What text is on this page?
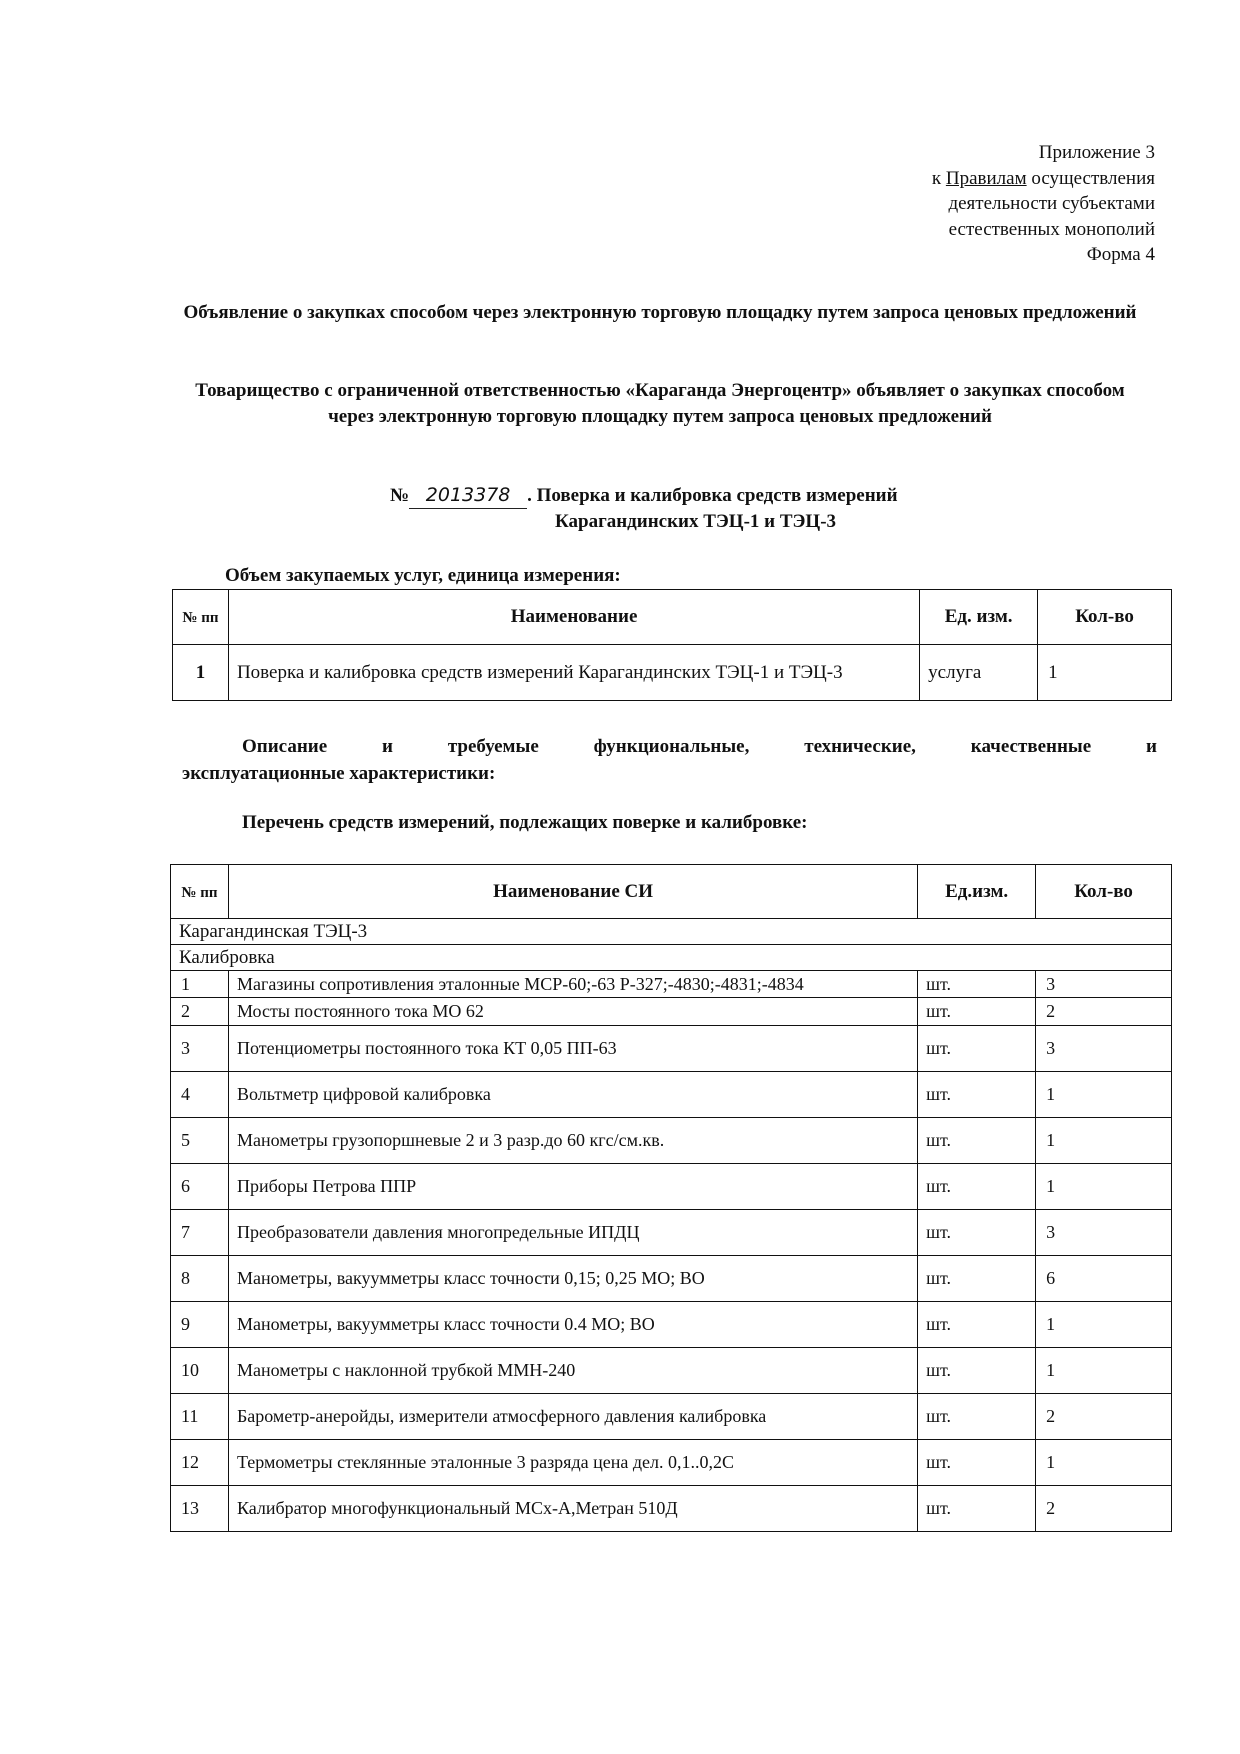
Приложение 3
к Правилам осуществления
деятельности субъектами
естественных монополий
Форма 4
Объявление о закупках способом через электронную торговую площадку путем запроса ценовых предложений
Товарищество с ограниченной ответственностью «Караганда Энергоцентр» объявляет о закупках способом через электронную торговую площадку путем запроса ценовых предложений
№ 2013378 . Поверка и калибровка средств измерений
Карагандинских ТЭЦ-1 и ТЭЦ-3
Объем закупаемых услуг, единица измерения:
№ пп	Наименование	Ед. изм.	Кол-во
1	Поверка и калибровка средств измерений Карагандинских ТЭЦ-1 и ТЭЦ-3	услуга	1
Описание и требуемые функциональные, технические, качественные и
эксплуатационные характеристики:
Перечень средств измерений, подлежащих поверке и калибровке:
№ пп	Наименование СИ	Ед.изм.	Кол-во
Карагандинская ТЭЦ-3			
Калибровка			
1	Магазины сопротивления эталонные МСР-60;-63 Р-327;-4830;-4831;-4834	шт.	3
2	Мосты постоянного тока МО 62	шт.	2
3	Потенциометры постоянного тока КТ 0,05 ПП-63	шт.	3
4	Вольтметр цифровой калибровка	шт.	1
5	Манометры грузопоршневые 2 и 3 разр.до 60 кгс/см.кв.	шт.	1
6	Приборы Петрова ППР	шт.	1
7	Преобразователи давления многопредельные ИПДЦ	шт.	3
8	Манометры, вакуумметры класс точности 0,15; 0,25 МО; ВО	шт.	6
9	Манометры, вакуумметры класс точности 0.4 МО; ВО	шт.	1
10	Манометры с наклонной трубкой ММН-240	шт.	1
11	Барометр-анеройды, измерители атмосферного давления калибровка	шт.	2
12	Термометры стеклянные эталонные 3 разряда цена дел. 0,1..0,2С	шт.	1
13	Калибратор многофункциональный МСх-А,Метран 510Д	шт.	2
